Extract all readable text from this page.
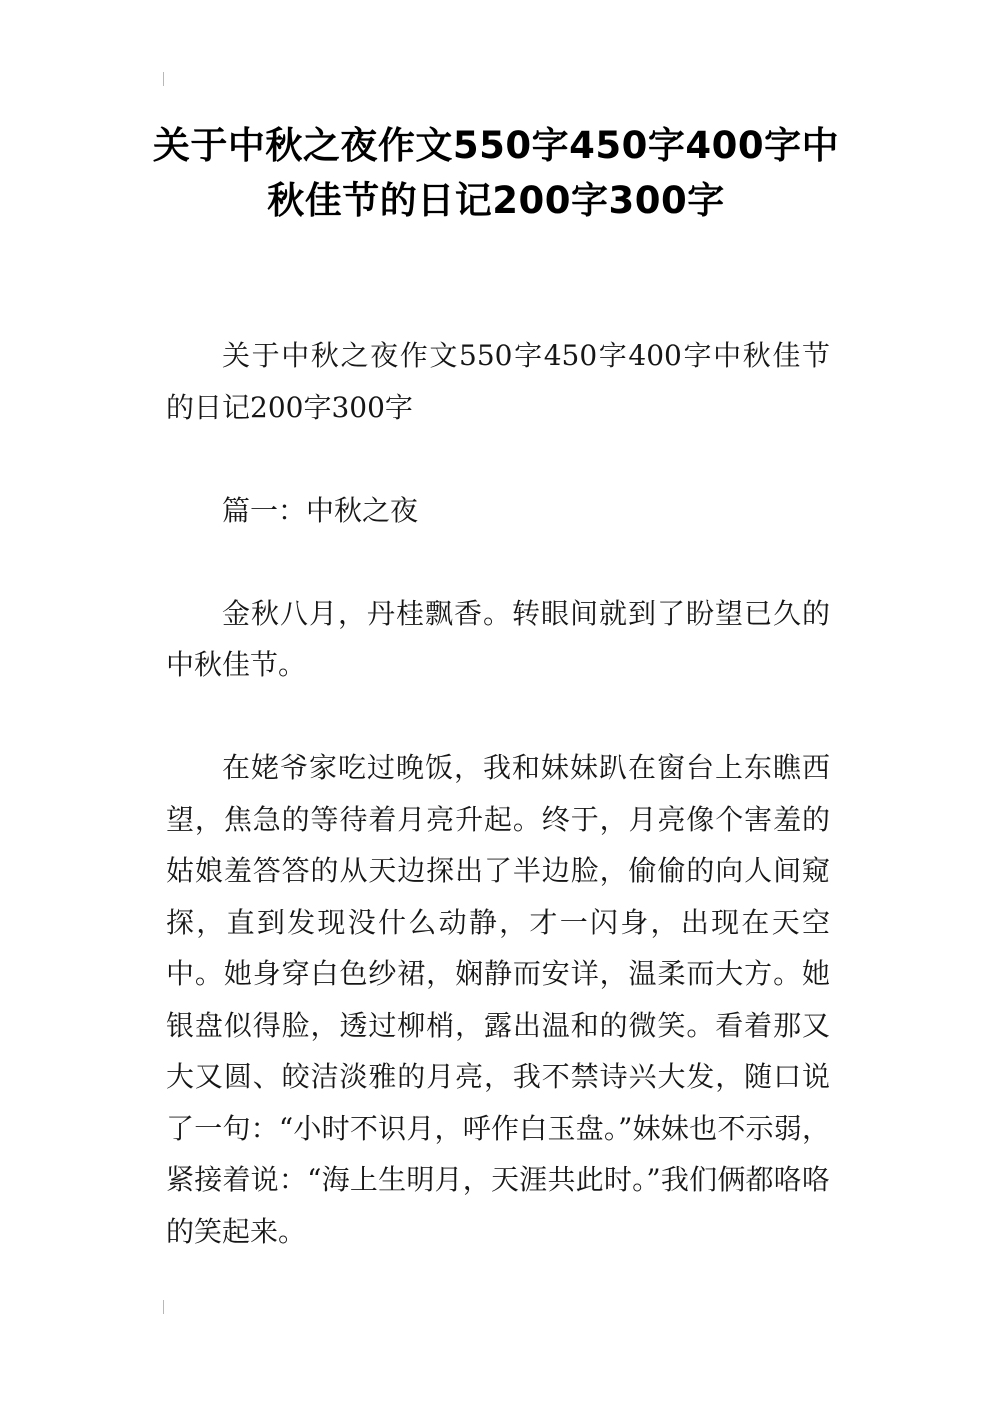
关于中秋之夜作文550字450字400字中秋佳节的日记200字300字

关于中秋之夜作文550字450字400字中秋佳节的日记200字300字

篇一：中秋之夜

金秋八月，丹桂飘香。转眼间就到了盼望已久的中秋佳节。

在姥爷家吃过晚饭，我和妹妹趴在窗台上东瞧西望，焦急的等待着月亮升起。终于，月亮像个害羞的姑娘羞答答的从天边探出了半边脸，偷偷的向人间窥探，直到发现没什么动静，才一闪身，出现在天空中。她身穿白色纱裙，娴静而安详，温柔而大方。她银盘似得脸，透过柳梢，露出温和的微笑。看着那又大又圆、皎洁淡雅的月亮，我不禁诗兴大发，随口说了一句：“小时不识月，呼作白玉盘。”妹妹也不示弱，紧接着说：“海上生明月，天涯共此时。”我们俩都咯咯的笑起来。
